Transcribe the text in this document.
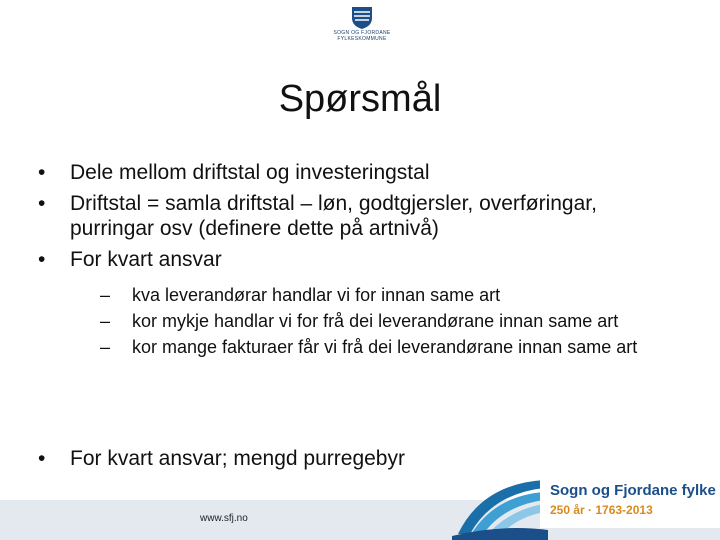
SOGN OG FJORDANE
FYLKESKOMMUNE
Spørsmål
• Dele mellom driftstal og investeringstal
• Driftstal = samla driftstal – løn, godtgjersler, overføringar, purringar osv (definere dette på artnivå)
• For kvart ansvar
– kva leverandørar handlar vi for innan same art
– kor mykje handlar vi for frå dei leverandørane innan same art
– kor mange fakturaer får vi frå dei leverandørane innan same art
• For kvart ansvar; mengd purregebyr
www.sfj.no
Sogn og Fjordane fylke
250 år · 1763-2013
